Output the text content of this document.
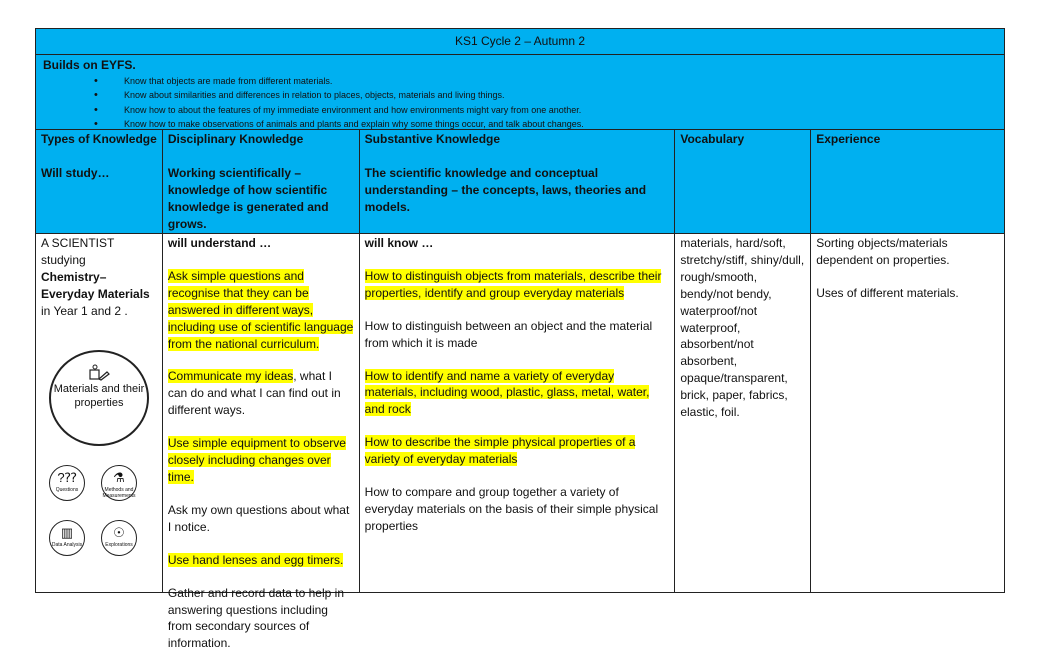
KS1 Cycle 2 – Autumn 2
Builds on EYFS.
• Know that objects are made from different materials.
• Know about similarities and differences in relation to places, objects, materials and living things.
• Know how to about the features of my immediate environment and how environments might vary from one another.
• Know how to make observations of animals and plants and explain why some things occur, and talk about changes.

Types of Knowledge

Will study…

Disciplinary Knowledge

Working scientifically – knowledge of how scientific knowledge is generated and grows.

Substantive Knowledge

The scientific knowledge and conceptual understanding – the concepts, laws, theories and models.

Vocabulary	Experience

A SCIENTIST
studying
Chemistry–
Everyday Materials
in Year 1 and 2 .
Materials and their properties
?⁇
Questions
⚗
Methods and Measurements
▥
Data Analysis
☉
Explorations
will understand …
Ask simple questions and recognise that they can be answered in different ways, including use of scientific language from the national curriculum.
Communicate my ideas, what I can do and what I can find out in different ways.
Use simple equipment to observe closely including changes over time.
Ask my own questions about what I notice.
Use hand lenses and egg timers.
Gather and record data to help in answering questions including from secondary sources of information.
will know …
How to distinguish objects from materials, describe their properties, identify and group everyday materials
How to distinguish between an object and the material from which it is made
How to identify and name a variety of everyday materials, including wood, plastic, glass, metal, water, and rock
How to describe the simple physical properties of a variety of everyday materials
How to compare and group together a variety of everyday materials on the basis of their simple physical properties
materials, hard/soft, stretchy/stiff, shiny/dull, rough/smooth, bendy/not bendy, waterproof/not waterproof, absorbent/not absorbent, opaque/transparent, brick, paper, fabrics, elastic, foil.
Sorting objects/materials dependent on properties.
Uses of different materials.
